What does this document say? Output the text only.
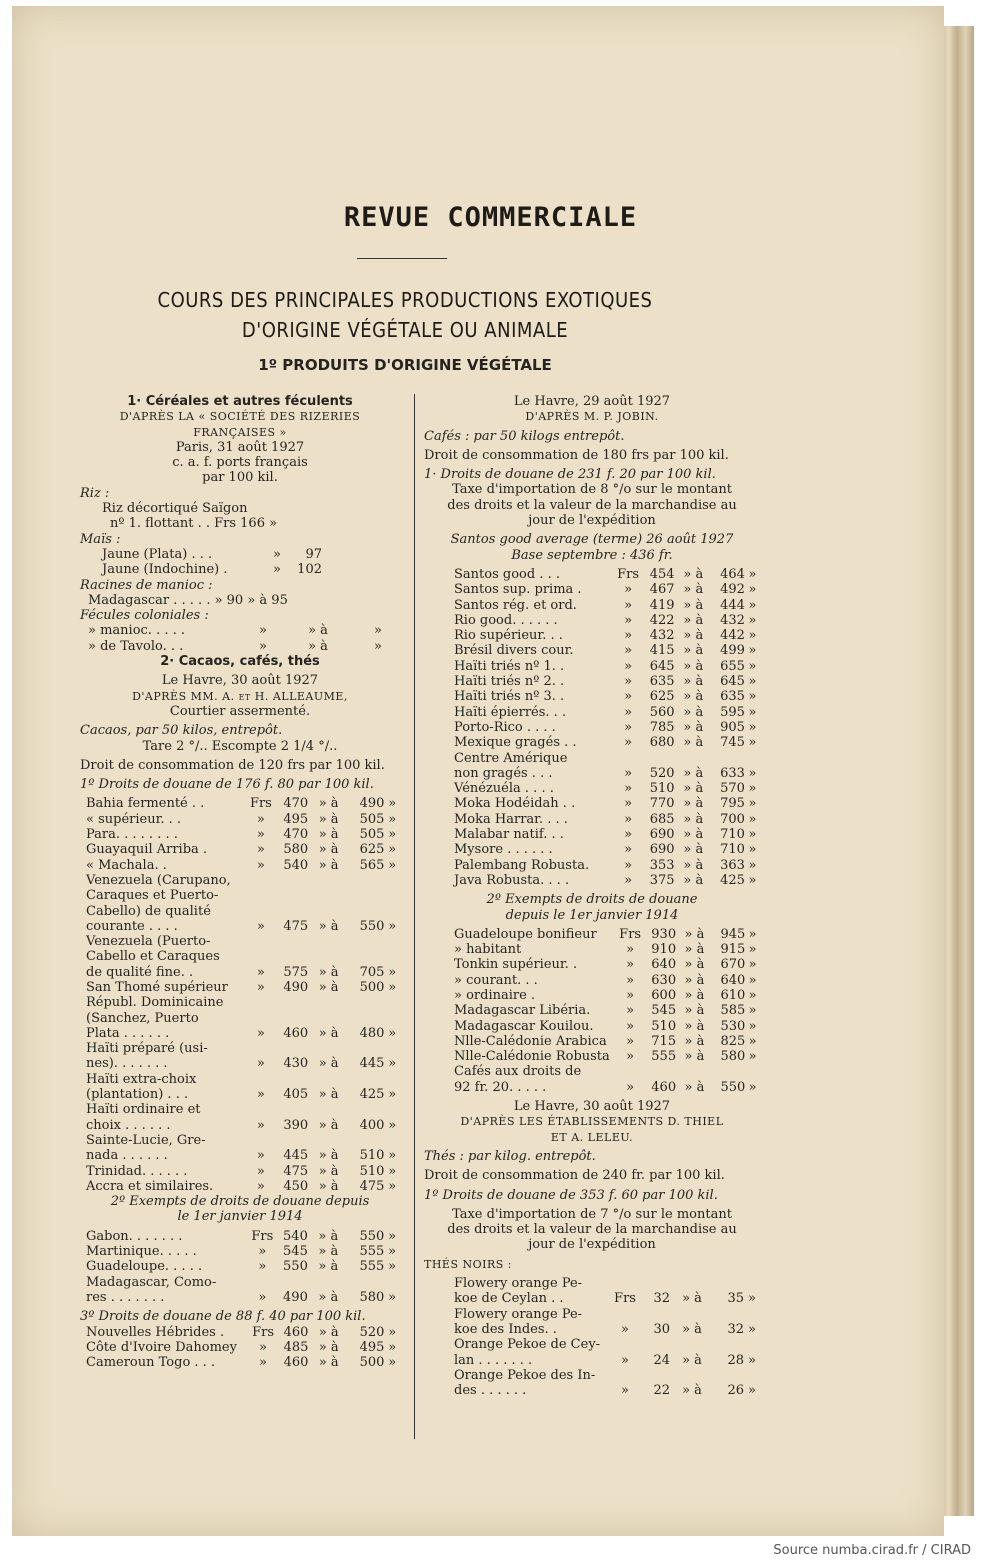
REVUE COMMERCIALE
COURS DES PRINCIPALES PRODUCTIONS EXOTIQUES
D'ORIGINE VÉGÉTALE OU ANIMALE
1º PRODUITS D'ORIGINE VÉGÉTALE
1· Céréales et autres féculents
D'APRÈS LA « SOCIÉTÉ DES RIZERIES
FRANÇAISES »
Paris, 31 août 1927
c. a. f. ports français
par 100 kil.
Riz :
Riz décortiqué Saïgon
nº 1. flottant . . Frs 166 »
Maïs :
Jaune (Plata) . . .	»	97
Jaune (Indochine) .	»	102
Racines de manioc :
Madagascar . . . . . » 90 » à 95
Fécules coloniales :
» manioc. . . . .	»	» à	»
» de Tavolo. . .	»	» à	»
2· Cacaos, cafés, thés
Le Havre, 30 août 1927
D'APRÈS MM. A. et H. ALLEAUME,
Courtier assermenté.
Cacaos, par 50 kilos, entrepôt.
Tare 2 °/.. Escompte 2 1/4 °/..
Droit de consommation de 120 frs par 100 kil.
1º Droits de douane de 176 f. 80 par 100 kil.
Bahia fermenté . .	Frs	470	» à	490	»
« supérieur. . .	»	495	» à	505	»
Para. . . . . . . .	»	470	» à	505	»
Guayaquil Arriba .	»	580	» à	625	»
« Machala. .	»	540	» à	565	»
Venezuela (Carupano,					
Caraques et Puerto-					
Cabello) de qualité					
courante . . . .	»	475	» à	550	»
Venezuela (Puerto-					
Cabello et Caraques					
de qualité fine. .	»	575	» à	705	»
San Thomé supérieur	»	490	» à	500	»
Républ. Dominicaine					
(Sanchez, Puerto					
Plata . . . . . .	»	460	» à	480	»
Haïti préparé (usi-					
nes). . . . . . .	»	430	» à	445	»
Haïti extra-choix					
(plantation) . . .	»	405	» à	425	»
Haïti ordinaire et					
choix . . . . . .	»	390	» à	400	»
Sainte-Lucie, Gre-					
nada . . . . . .	»	445	» à	510	»
Trinidad. . . . . .	»	475	» à	510	»
Accra et similaires.	»	450	» à	475	»
2º Exempts de droits de douane depuis
le 1er janvier 1914
Gabon. . . . . . .	Frs	540	» à	550	»
Martinique. . . . .	»	545	» à	555	»
Guadeloupe. . . . .	»	550	» à	555	»
Madagascar, Como-					
res . . . . . . .	»	490	» à	580	»
3º Droits de douane de 88 f. 40 par 100 kil.
Nouvelles Hébrides .	Frs	460	» à	520	»
Côte d'Ivoire Dahomey	»	485	» à	495	»
Cameroun Togo . . .	»	460	» à	500	»
Le Havre, 29 août 1927
D'APRÈS M. P. JOBIN.
Cafés : par 50 kilogs entrepôt.
Droit de consommation de 180 frs par 100 kil.
1· Droits de douane de 231 f. 20 par 100 kil.
Taxe d'importation de 8 °/o sur le montant
des droits et la valeur de la marchandise au
jour de l'expédition
Santos good average (terme) 26 août 1927
Base septembre : 436 fr.
Santos good . . .	Frs	454	» à	464	»
Santos sup. prima .	»	467	» à	492	»
Santos rég. et ord.	»	419	» à	444	»
Rio good. . . . . .	»	422	» à	432	»
Rio supérieur. . .	»	432	» à	442	»
Brésil divers cour.	»	415	» à	499	»
Haïti triés nº 1. .	»	645	» à	655	»
Haïti triés nº 2. .	»	635	» à	645	»
Haïti triés nº 3. .	»	625	» à	635	»
Haïti épierrés. . .	»	560	» à	595	»
Porto-Rico . . . .	»	785	» à	905	»
Mexique gragés . .	»	680	» à	745	»
Centre Amérique					
non gragés . . .	»	520	» à	633	»
Vénézuéla . . . .	»	510	» à	570	»
Moka Hodéidah . .	»	770	» à	795	»
Moka Harrar. . . .	»	685	» à	700	»
Malabar natif. . .	»	690	» à	710	»
Mysore . . . . . .	»	690	» à	710	»
Palembang Robusta.	»	353	» à	363	»
Java Robusta. . . .	»	375	» à	425	»
2º Exempts de droits de douane
depuis le 1er janvier 1914
Guadeloupe bonifieur	Frs	930	» à	945	»
» habitant	»	910	» à	915	»
Tonkin supérieur. .	»	640	» à	670	»
» courant. . .	»	630	» à	640	»
» ordinaire .	»	600	» à	610	»
Madagascar Libéria.	»	545	» à	585	»
Madagascar Kouilou.	»	510	» à	530	»
Nlle-Calédonie Arabica	»	715	» à	825	»
Nlle-Calédonie Robusta	»	555	» à	580	»
Cafés aux droits de					
92 fr. 20. . . . .	»	460	» à	550	»
Le Havre, 30 août 1927
D'APRÈS LES ÉTABLISSEMENTS D. THIEL
ET A. LELEU.
Thés : par kilog. entrepôt.
Droit de consommation de 240 fr. par 100 kil.
1º Droits de douane de 353 f. 60 par 100 kil.
Taxe d'importation de 7 °/o sur le montant
des droits et la valeur de la marchandise au
jour de l'expédition
THÉS NOIRS :
Flowery orange Pe-					
koe de Ceylan . .	Frs	32	» à	35	»
Flowery orange Pe-					
koe des Indes. .	»	30	» à	32	»
Orange Pekoe de Cey-					
lan . . . . . . .	»	24	» à	28	»
Orange Pekoe des In-					
des . . . . . .	»	22	» à	26	»
Source numba.cirad.fr / CIRAD
